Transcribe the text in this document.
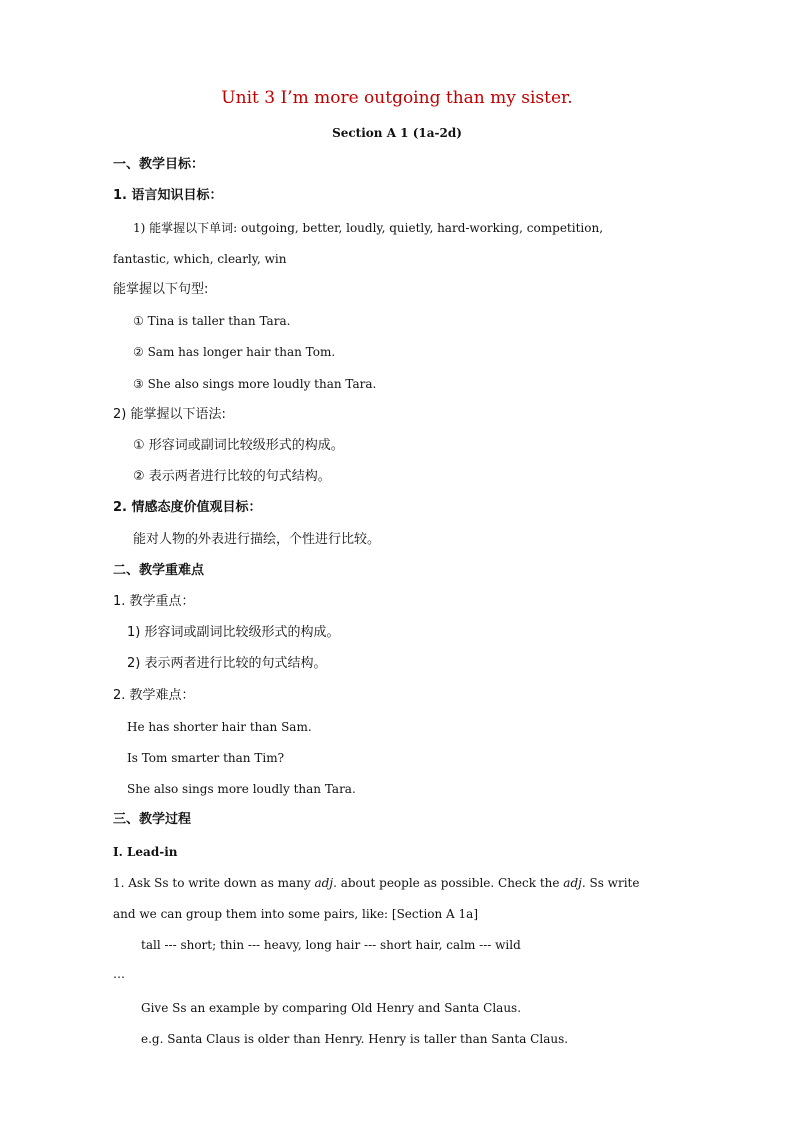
Unit 3 I’m more outgoing than my sister.
Section A 1 (1a-2d)
一、教学目标：
1. 语言知识目标：
1) 能掌握以下单词: outgoing, better, loudly, quietly, hard-working, competition,
fantastic, which, clearly, win
能掌握以下句型:
① Tina is taller than Tara.
② Sam has longer hair than Tom.
③ She also sings more loudly than Tara.
2) 能掌握以下语法:
① 形容词或副词比较级形式的构成。
② 表示两者进行比较的句式结构。
2. 情感态度价值观目标：
能对人物的外表进行描绘，个性进行比较。
二、教学重难点
1. 教学重点：
1) 形容词或副词比较级形式的构成。
2) 表示两者进行比较的句式结构。
2. 教学难点：
He has shorter hair than Sam.
Is Tom smarter than Tim?
She also sings more loudly than Tara.
三、教学过程
Ⅰ. Lead-in
1. Ask Ss to write down as many adj. about people as possible. Check the adj. Ss write
and we can group them into some pairs, like: [Section A 1a]
tall --- short; thin --- heavy, long hair --- short hair, calm --- wild
…
Give Ss an example by comparing Old Henry and Santa Claus.
e.g. Santa Claus is older than Henry. Henry is taller than Santa Claus.
